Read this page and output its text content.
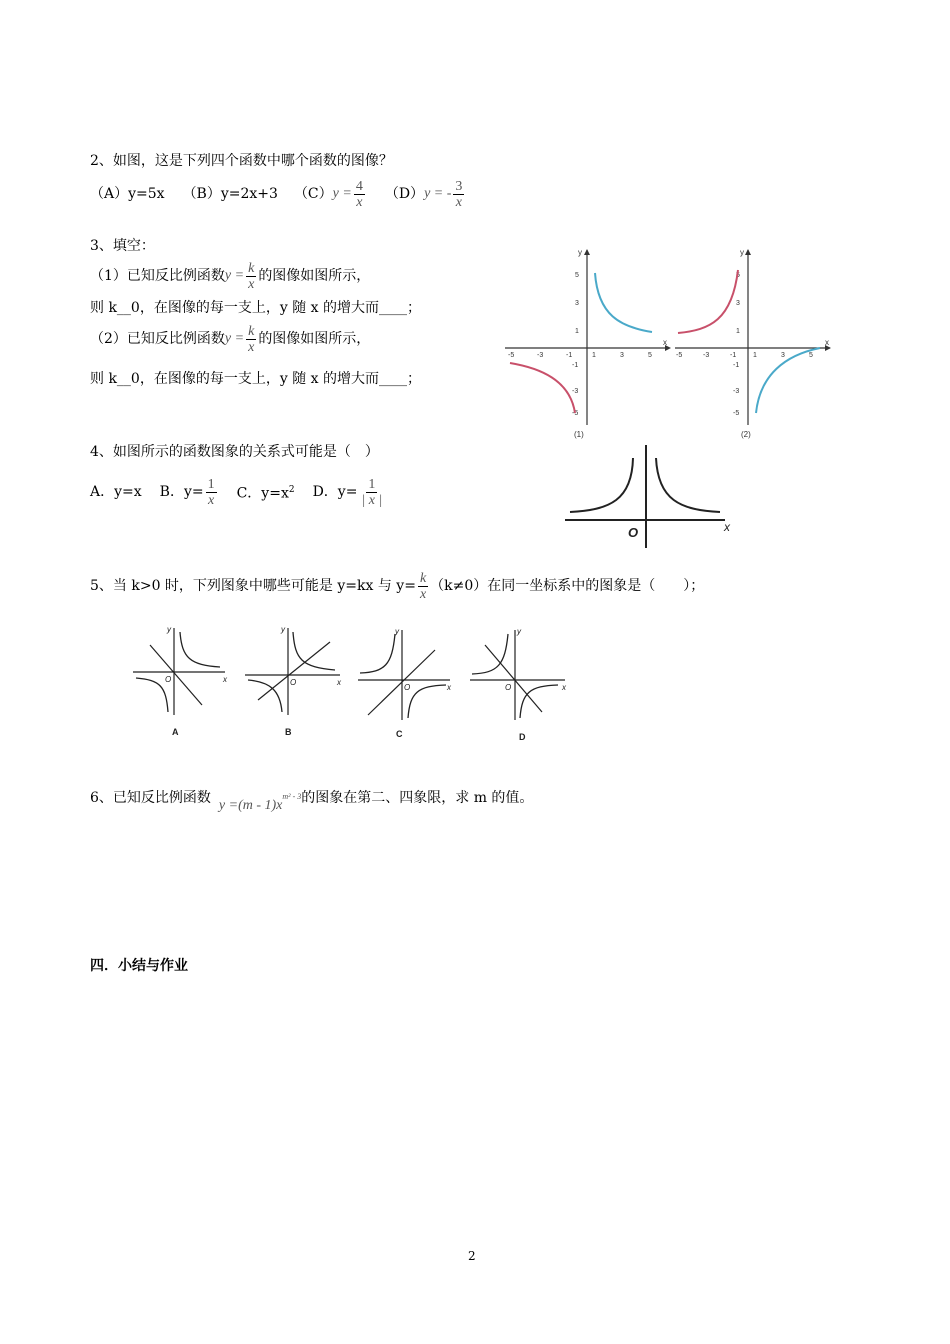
2、如图，这是下列四个函数中哪个函数的图像？
（A）y=5x （B）y=2x+3 （C） $y = \frac{4}{x} (D) y$ = - $\frac{3}{x}$
3、填空：
（1）已知反比例函数 $y = \frac{k}{x}$ 的图像如图所示，
则 k__0，在图像的每一支上，y 随 x 的增大而____；
（2）已知反比例函数 $y = \frac{k}{x}$ 的图像如图所示，
则 k__0，在图像的每一支上，y 随 x 的增大而____；
y
x
5
3
1
-1
-3
-5
-5	-3	-1	1	3	5
(1)
y
x
5
3
1
-1
-3
-5
-5	-3	-1 1	3	5
(2)
4、如图所示的函数图象的关系式可能是（　）
A．y=x B．$y= \frac{1}{x}$ C．$y=x^2$ D．$y= \frac{1}{| x |}$
O	x
5、当 k>0 时，下列图象中哪些可能是 y=kx 与 $y= \frac{k}{x} (k\ne 0)$在同一坐标系中的图象是（　　）；
y
x
O
A
y
x
O
B
y
x
O
C
y
x
O
D
6、已知反比例函数 y =(m - 1)x
m² - 3 的图象在第二、四象限，求 m 的值。
四．小结与作业
2
